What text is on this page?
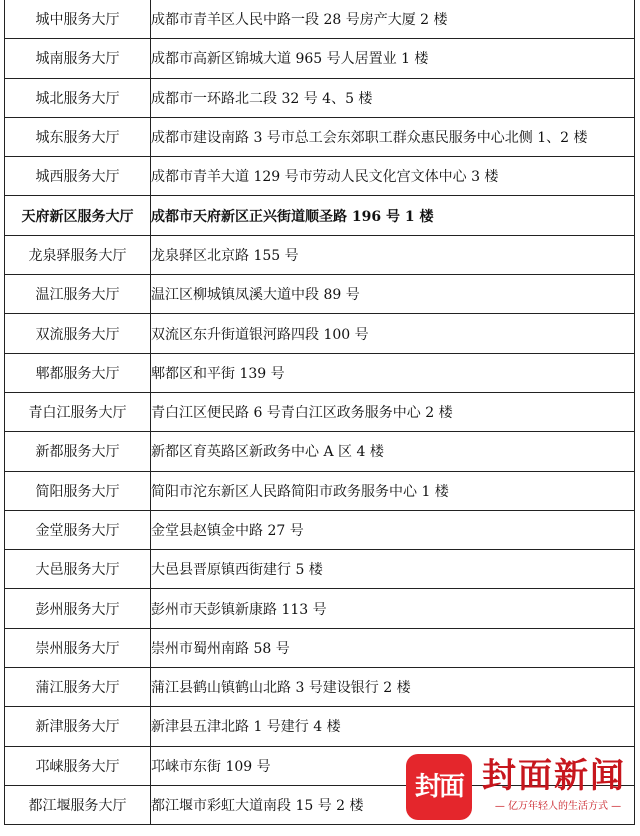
城中服务大厅	成都市青羊区人民中路一段 28 号房产大厦 2 楼
城南服务大厅	成都市高新区锦城大道 965 号人居置业 1 楼
城北服务大厅	成都市一环路北二段 32 号 4、5 楼
城东服务大厅	成都市建设南路 3 号市总工会东郊职工群众惠民服务中心北侧 1、2 楼
城西服务大厅	成都市青羊大道 129 号市劳动人民文化宫文体中心 3 楼
天府新区服务大厅	成都市天府新区正兴街道顺圣路 196 号 1 楼
龙泉驿服务大厅	龙泉驿区北京路 155 号
温江服务大厅	温江区柳城镇凤溪大道中段 89 号
双流服务大厅	双流区东升街道银河路四段 100 号
郫都服务大厅	郫都区和平街 139 号
青白江服务大厅	青白江区便民路 6 号青白江区政务服务中心 2 楼
新都服务大厅	新都区育英路区新政务中心 A 区 4 楼
简阳服务大厅	简阳市沱东新区人民路简阳市政务服务中心 1 楼
金堂服务大厅	金堂县赵镇金中路 27 号
大邑服务大厅	大邑县晋原镇西街建行 5 楼
彭州服务大厅	彭州市天彭镇新康路 113 号
崇州服务大厅	崇州市蜀州南路 58 号
蒲江服务大厅	蒲江县鹤山镇鹤山北路 3 号建设银行 2 楼
新津服务大厅	新津县五津北路 1 号建行 4 楼
邛崃服务大厅	邛崃市东街 109 号
都江堰服务大厅	都江堰市彩虹大道南段 15 号 2 楼
封面 封面新闻
— 亿万年轻人的生活方式 —
